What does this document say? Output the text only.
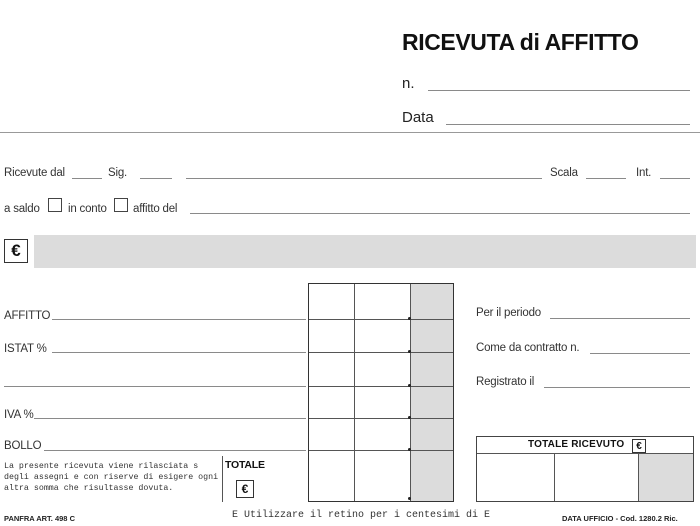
RICEVUTA di AFFITTO
n.
Data
Ricevute dal	Sig.	Scala	Int.
a saldo in conto affitto del
€
AFFITTO
ISTAT %
IVA %
BOLLO
La presente ricevuta viene rilasciata s
degli assegni e con riserve di esigere ogni
altra somma che risultasse dovuta.
TOTALE
€
Per il periodo
Come da contratto n.
Registrato il
TOTALE RICEVUTO	€
PANFRA ART. 498 C	E Utilizzare il retino per i centesimi di E	DATA UFFICIO - Cod. 1280.2 Ric.
